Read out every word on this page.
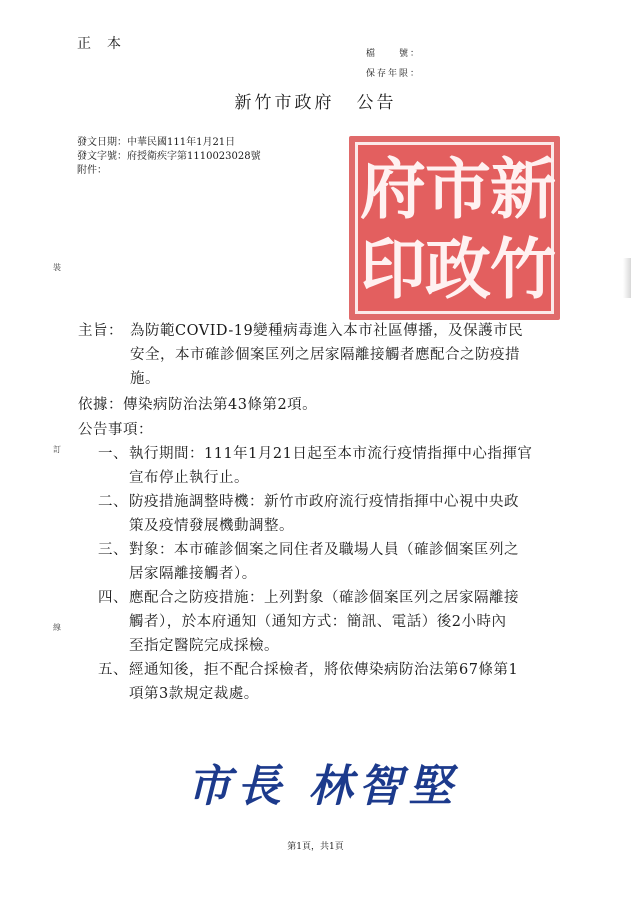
正本
檔　　號：
保存年限：
新竹市政府 公告
發文日期：中華民國111年1月21日
發文字號：府授衛疾字第1110023028號
附件：	新
竹
市
政
府
印
裝
訂
線
主旨： 為防範COVID-19變種病毒進入本市社區傳播，及保護市民
安全，本市確診個案匡列之居家隔離接觸者應配合之防疫措
施。
依據：傳染病防治法第43條第2項。
公告事項：
一、 執行期間：111年1月21日起至本市流行疫情指揮中心指揮官
宣布停止執行止。
二、 防疫措施調整時機：新竹市政府流行疫情指揮中心視中央政
策及疫情發展機動調整。
三、 對象：本市確診個案之同住者及職場人員（確診個案匡列之
居家隔離接觸者）。
四、 應配合之防疫措施：上列對象（確診個案匡列之居家隔離接
觸者），於本府通知（通知方式：簡訊、電話）後2小時內
至指定醫院完成採檢。
五、 經通知後，拒不配合採檢者，將依傳染病防治法第67條第1
項第3款規定裁處。
市長 林智堅
第1頁，共1頁
